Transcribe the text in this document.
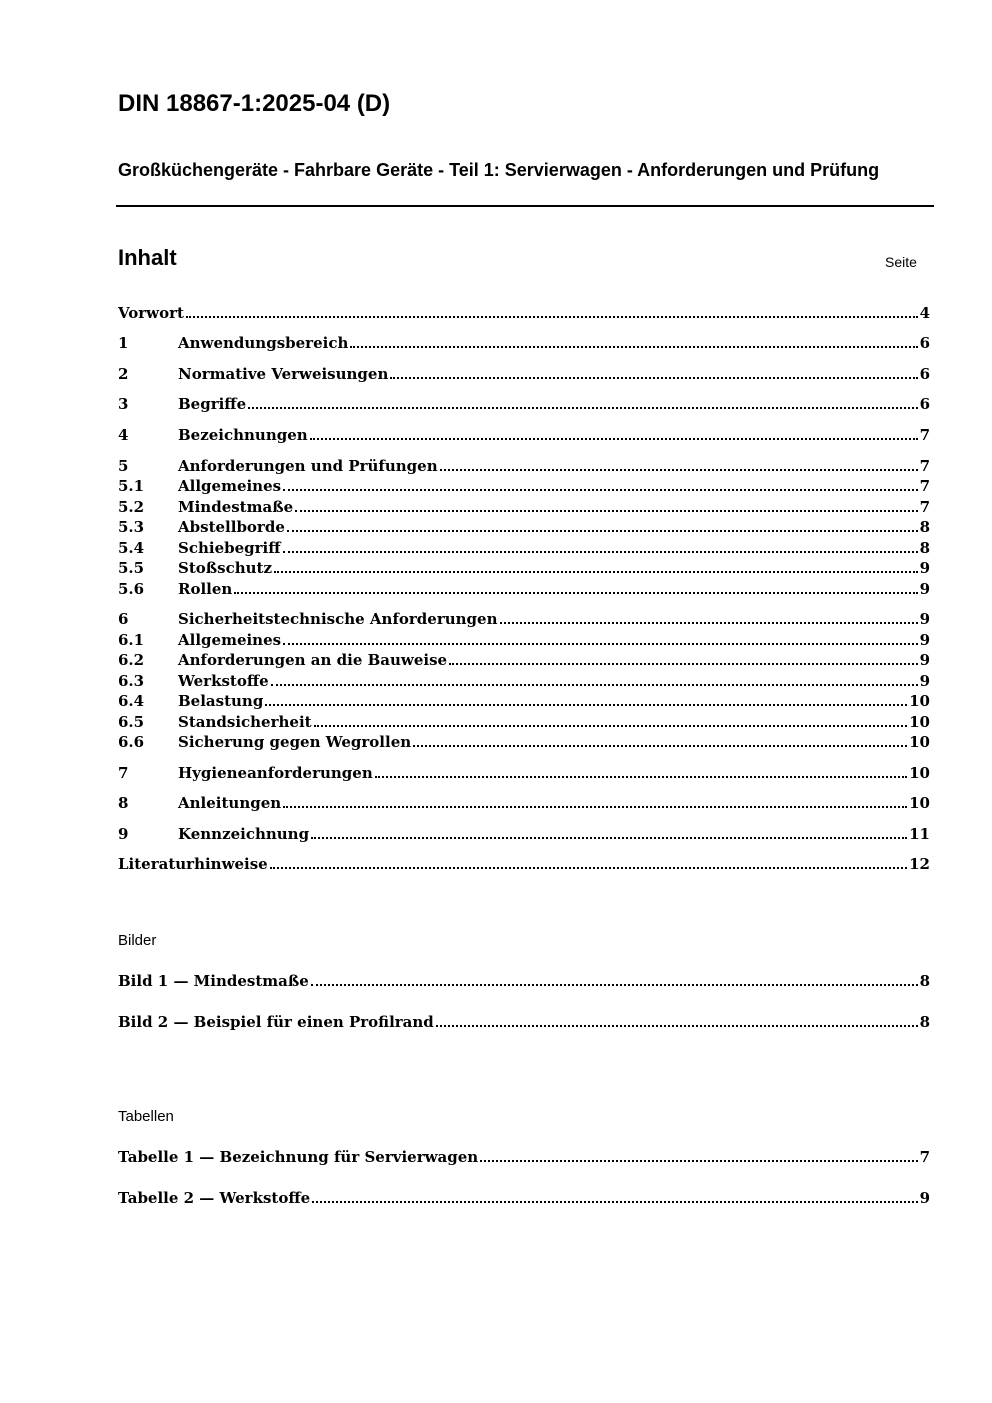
DIN 18867-1:2025-04 (D)
Großküchengeräte - Fahrbare Geräte - Teil 1: Servierwagen - Anforderungen und Prüfung
Inhalt	Seite
Vorwort	4
1	Anwendungsbereich	6
2	Normative Verweisungen	6
3	Begriffe	6
4	Bezeichnungen	7
5	Anforderungen und Prüfungen	7
5.1	Allgemeines	7
5.2	Mindestmaße	7
5.3	Abstellborde	8
5.4	Schiebegriff	8
5.5	Stoßschutz	9
5.6	Rollen	9
6	Sicherheitstechnische Anforderungen	9
6.1	Allgemeines	9
6.2	Anforderungen an die Bauweise	9
6.3	Werkstoffe	9
6.4	Belastung	10
6.5	Standsicherheit	10
6.6	Sicherung gegen Wegrollen	10
7	Hygieneanforderungen	10
8	Anleitungen	10
9	Kennzeichnung	11
Literaturhinweise	12
Bilder
Bild 1 — Mindestmaße	8
Bild 2 — Beispiel für einen Profilrand	8
Tabellen
Tabelle 1 — Bezeichnung für Servierwagen	7
Tabelle 2 — Werkstoffe	9
